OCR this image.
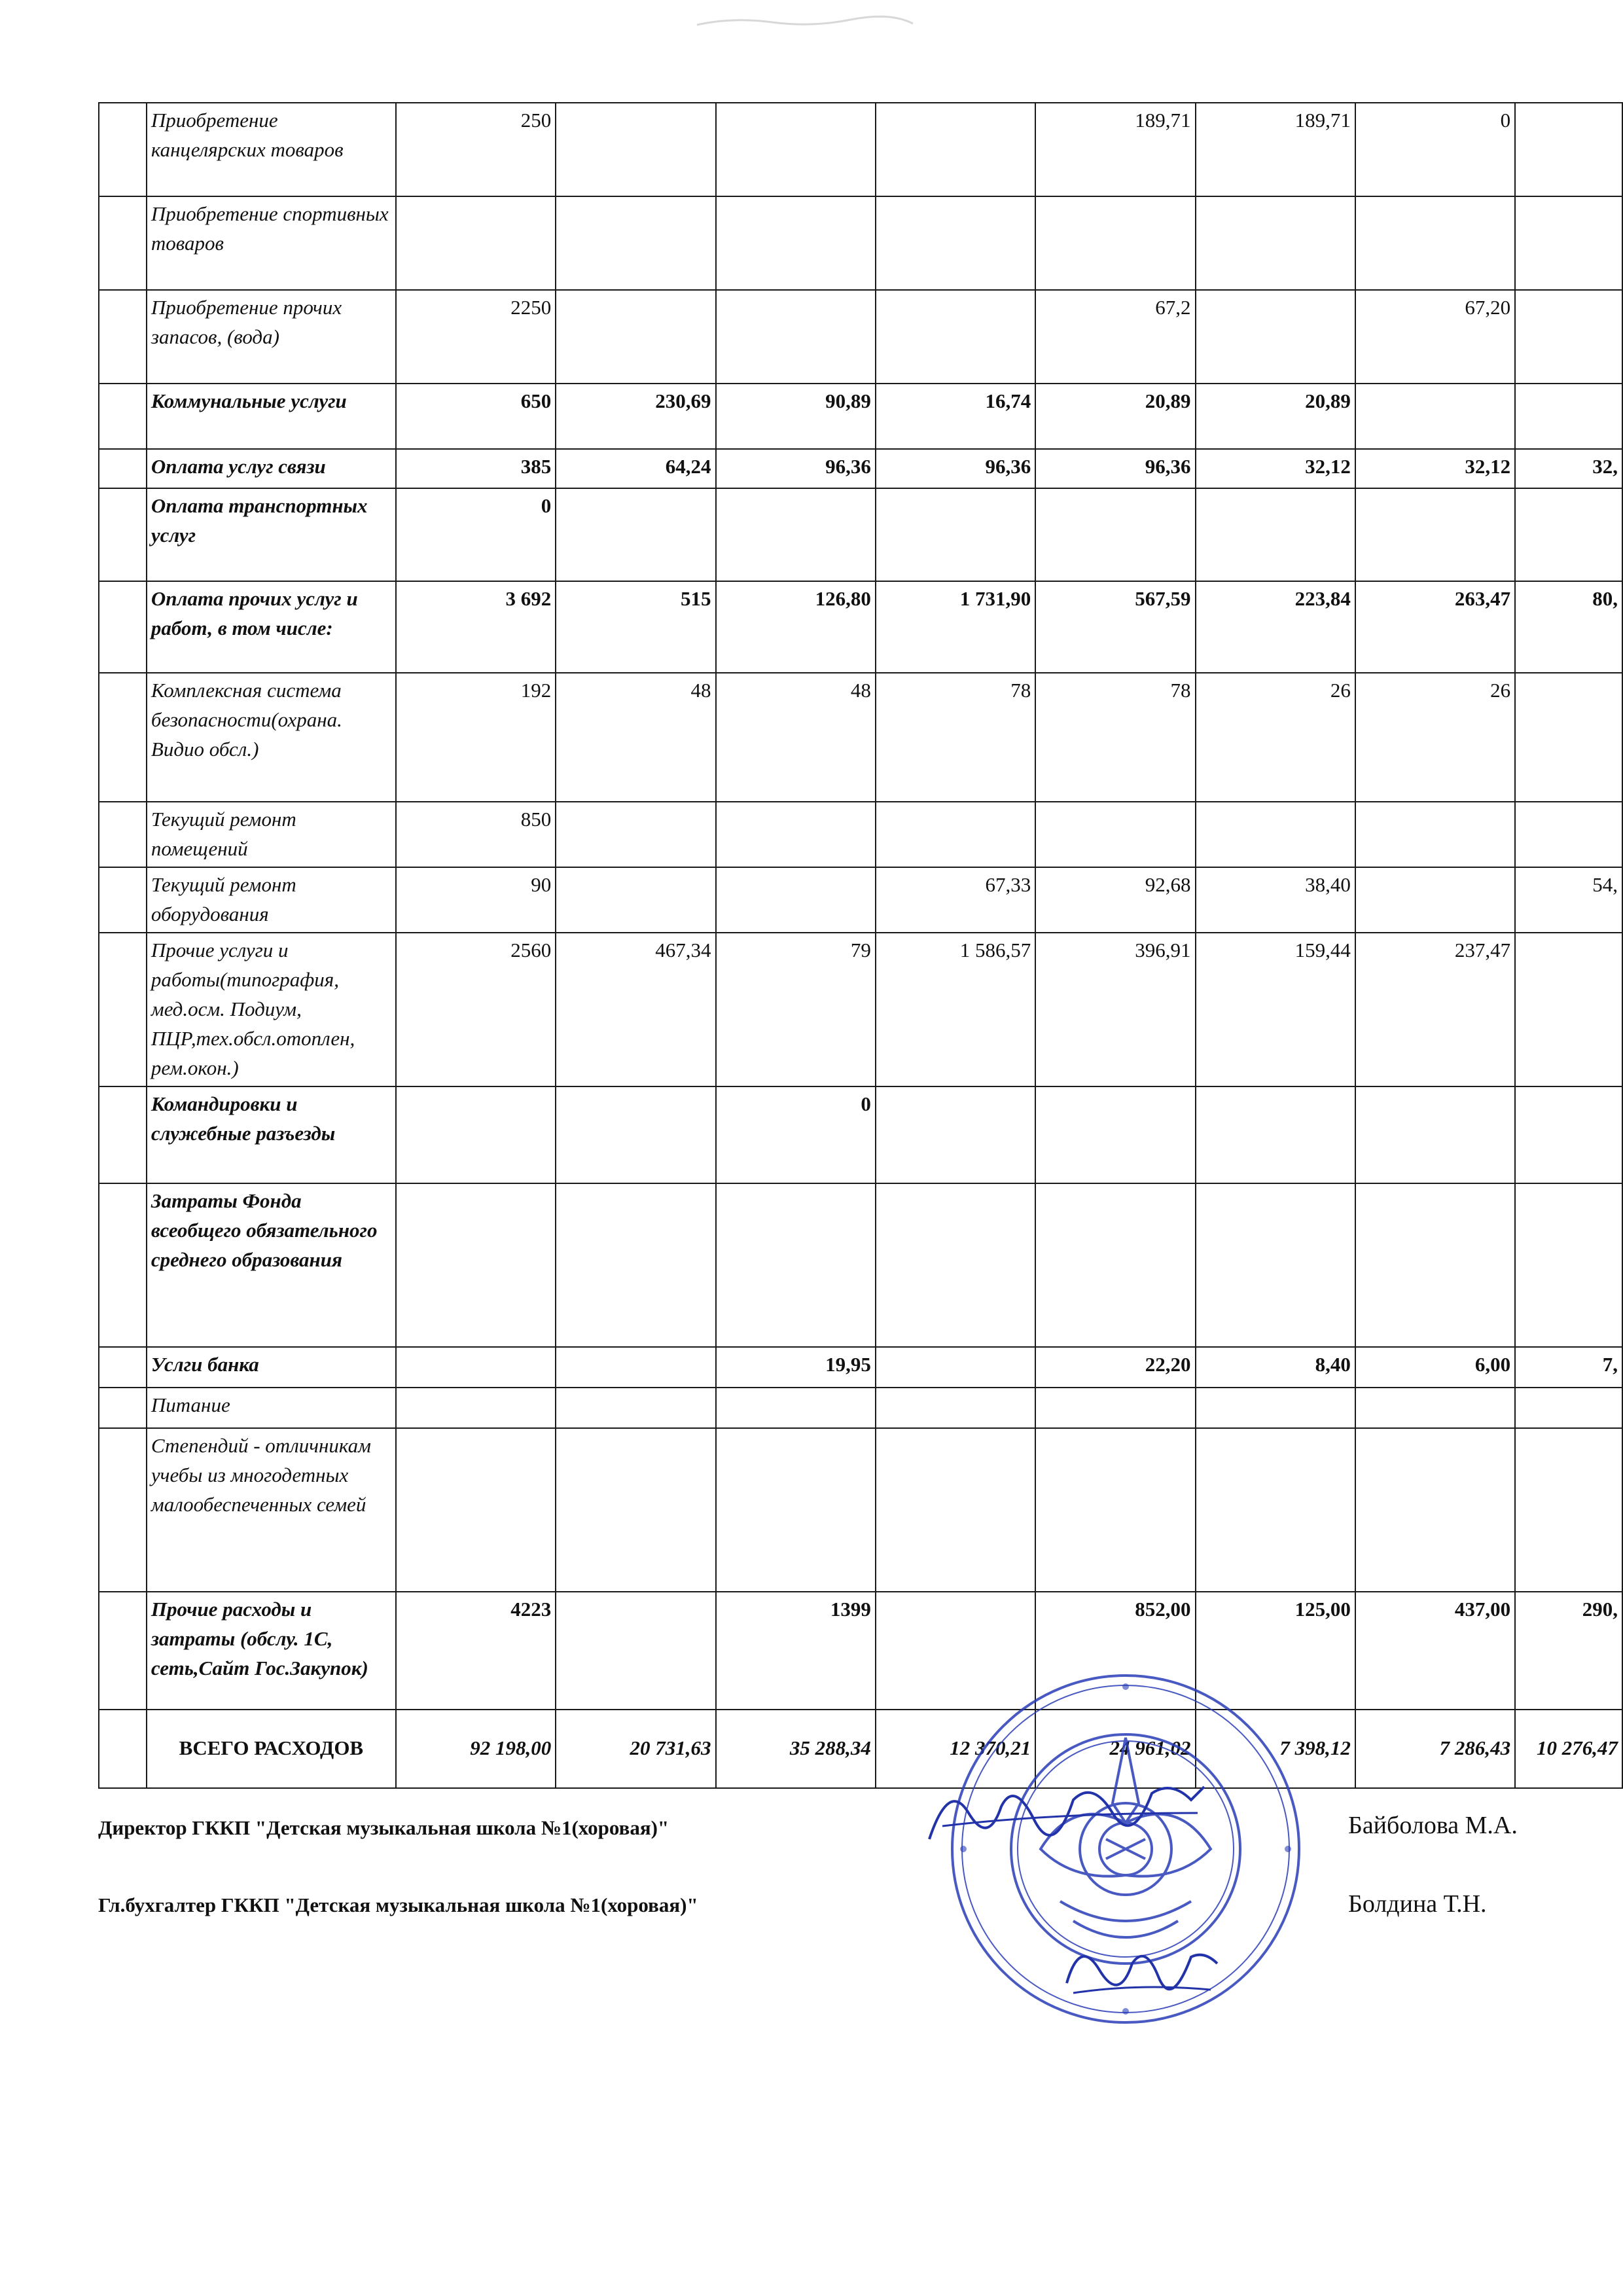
	Приобретение канцелярских товаров	250				189,71	189,71	0	
	Приобретение спортивных товаров								
	Приобретение прочих запасов, (вода)	2250				67,2		67,20	
	Коммунальные услуги	650	230,69	90,89	16,74	20,89	20,89		
	Оплата услуг связи	385	64,24	96,36	96,36	96,36	32,12	32,12	32,
	Оплата транспортных услуг	0							
	Оплата прочих услуг и работ, в том числе:	3 692	515	126,80	1 731,90	567,59	223,84	263,47	80,
	Комплексная система безопасности(охрана. Видио обсл.)	192	48	48	78	78	26	26	
	Текущий ремонт помещений	850							
	Текущий ремонт оборудования	90			67,33	92,68	38,40		54,
	Прочие услуги и работы(типография, мед.осм. Подиум, ПЦР,тех.обсл.отоплен, рем.окон.)	2560	467,34	79	1 586,57	396,91	159,44	237,47	
	Командировки и служебные разъезды			0					
	Затраты Фонда всеобщего обязательного среднего образования								
	Услги банка			19,95		22,20	8,40	6,00	7,
	Питание								
	Степендий - отличникам учебы из многодетных малообеспеченных семей								
	Прочие расходы и затраты (обслу. 1С, сеть,Сайт Гос.Закупок)	4223		1399		852,00	125,00	437,00	290,
	ВСЕГО РАСХОДОВ	92 198,00	20 731,63	35 288,34	12 370,21	24 961,02	7 398,12	7 286,43	10 276,47
Директор ГККП "Детская музыкальная школа №1(хоровая)"	Байболова М.А.
Гл.бухгалтер ГККП "Детская музыкальная школа №1(хоровая)"	Болдина Т.Н.
